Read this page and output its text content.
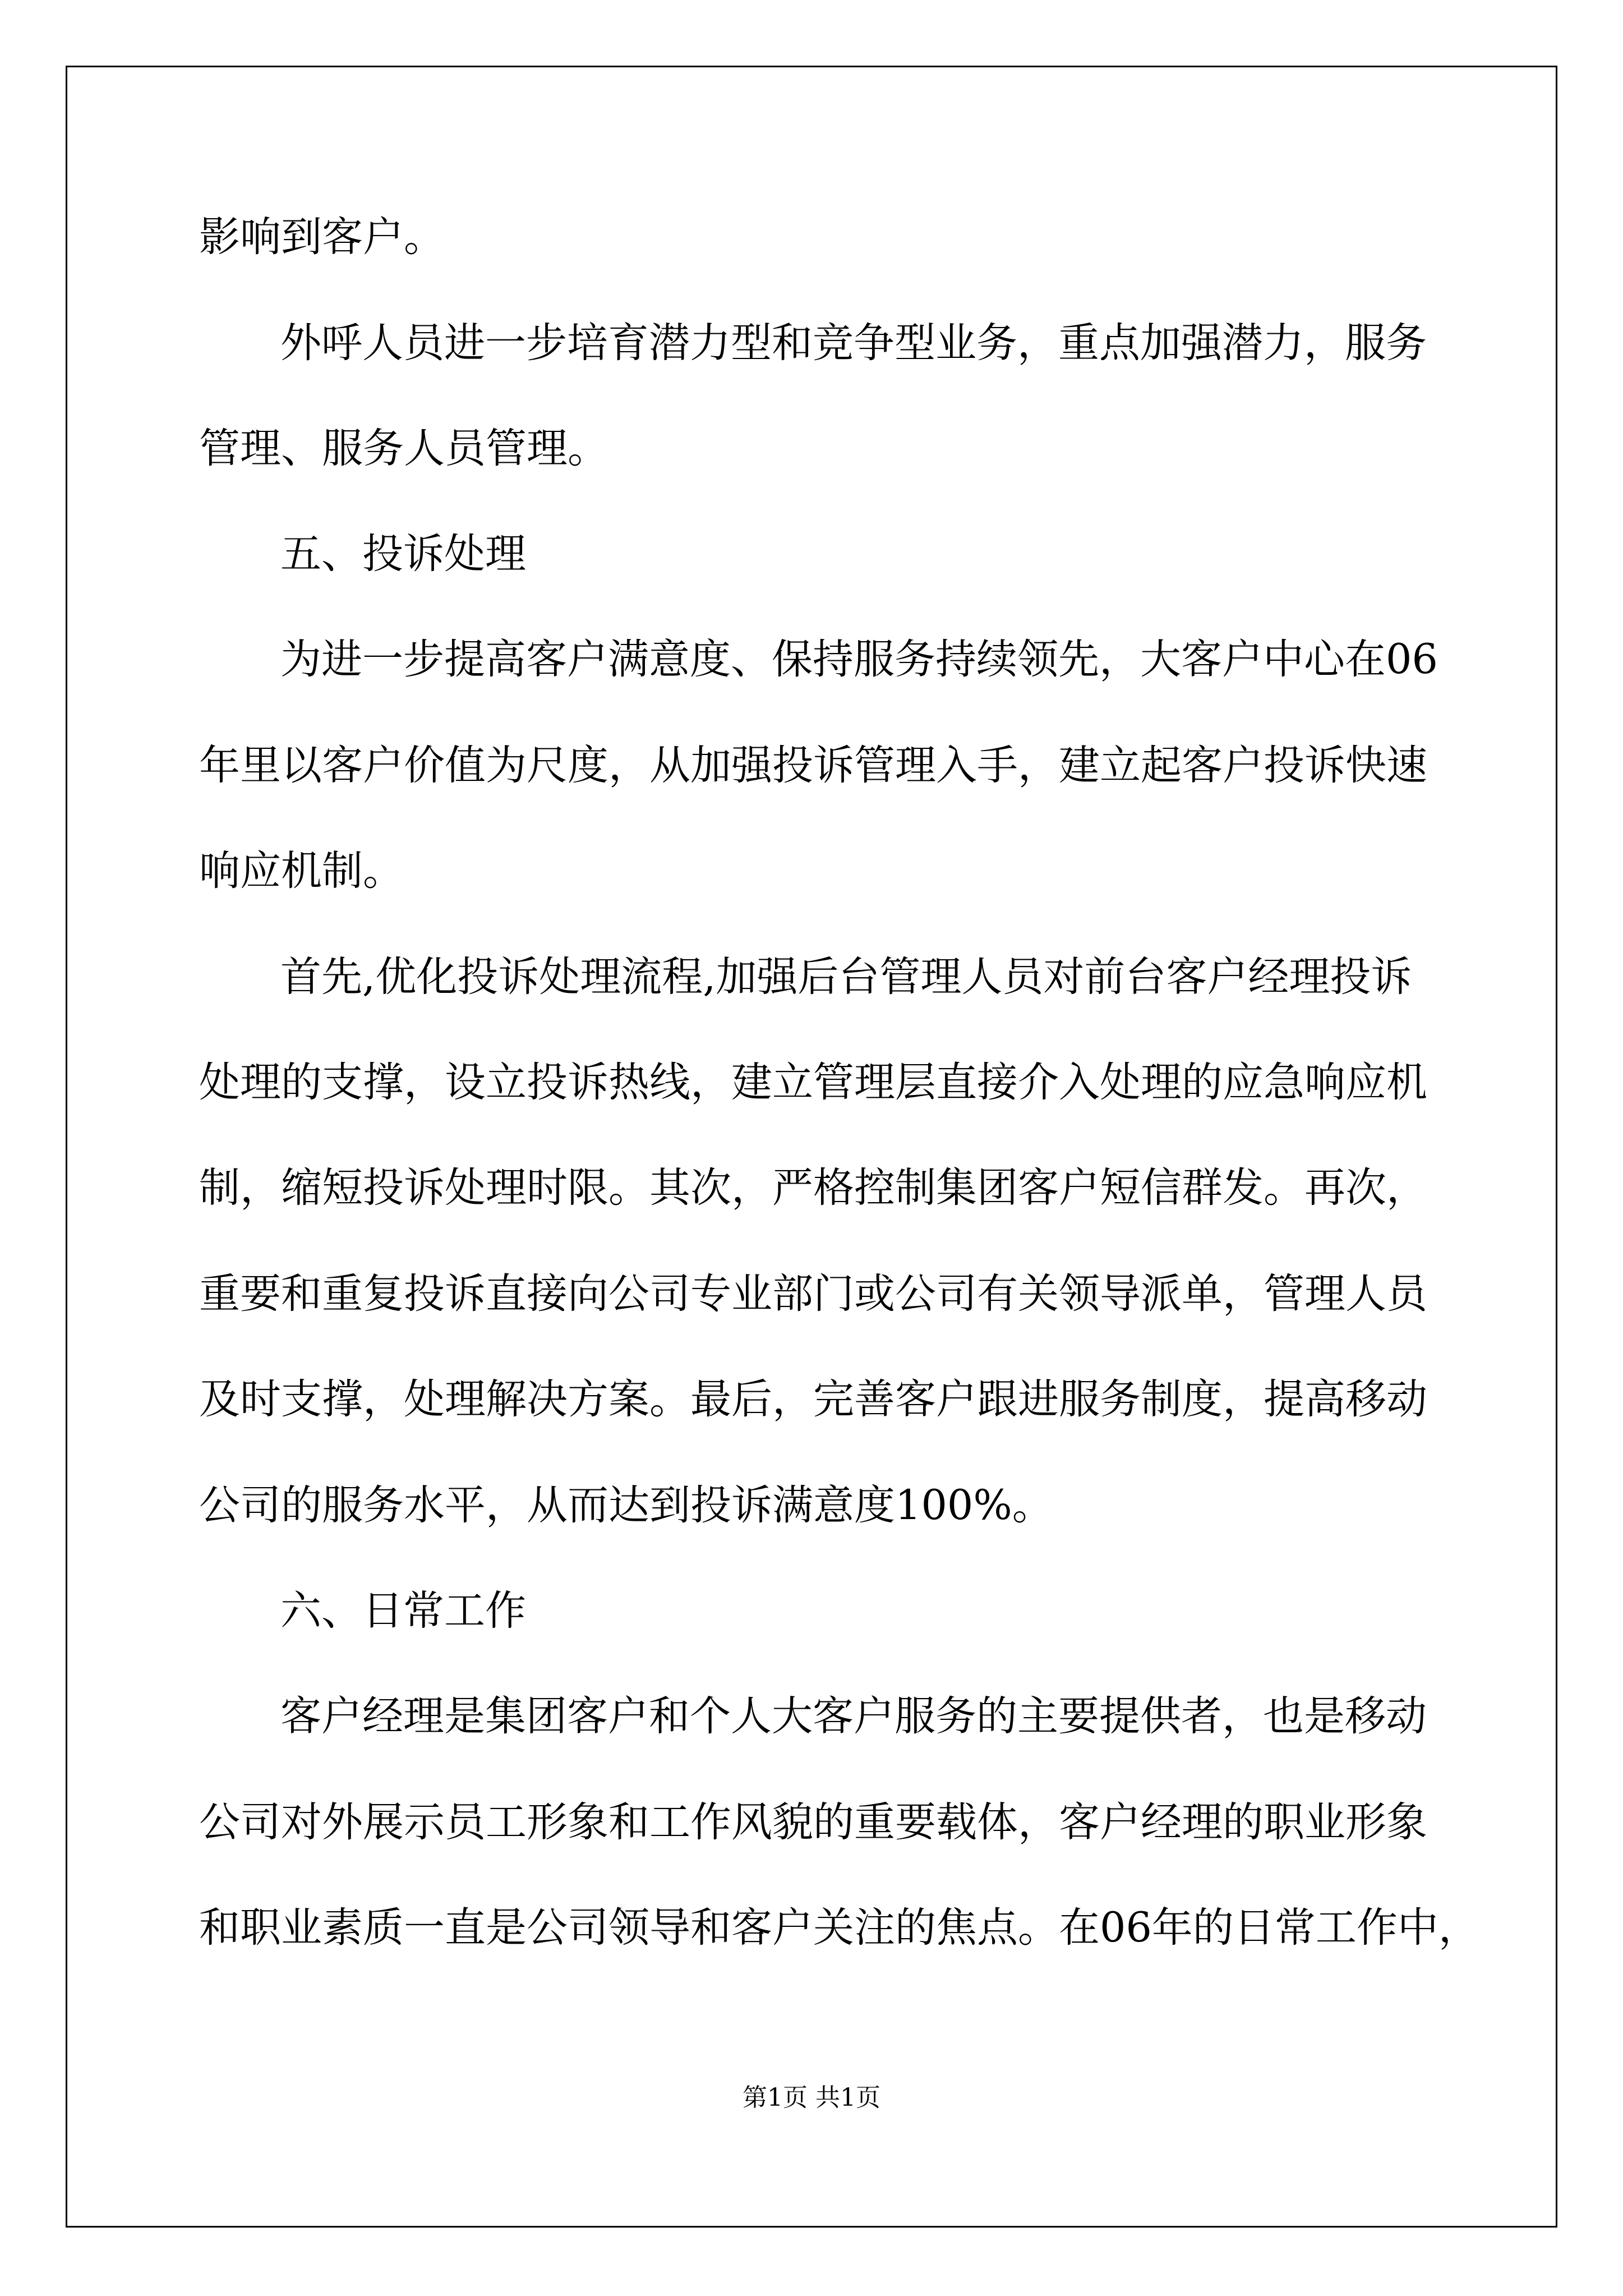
影响到客户。
外呼人员进一步培育潜力型和竞争型业务，重点加强潜力，服务
管理、服务人员管理。
五、投诉处理
为进一步提高客户满意度、保持服务持续领先，大客户中心在06
年里以客户价值为尺度，从加强投诉管理入手，建立起客户投诉快速
响应机制。
首先,优化投诉处理流程,加强后台管理人员对前台客户经理投诉
处理的支撑，设立投诉热线，建立管理层直接介入处理的应急响应机
制，缩短投诉处理时限。其次，严格控制集团客户短信群发。再次，
重要和重复投诉直接向公司专业部门或公司有关领导派单，管理人员
及时支撑，处理解决方案。最后，完善客户跟进服务制度，提高移动
公司的服务水平，从而达到投诉满意度100%。
六、日常工作
客户经理是集团客户和个人大客户服务的主要提供者，也是移动
公司对外展示员工形象和工作风貌的重要载体，客户经理的职业形象
和职业素质一直是公司领导和客户关注的焦点。在06年的日常工作中，
第1页 共1页
